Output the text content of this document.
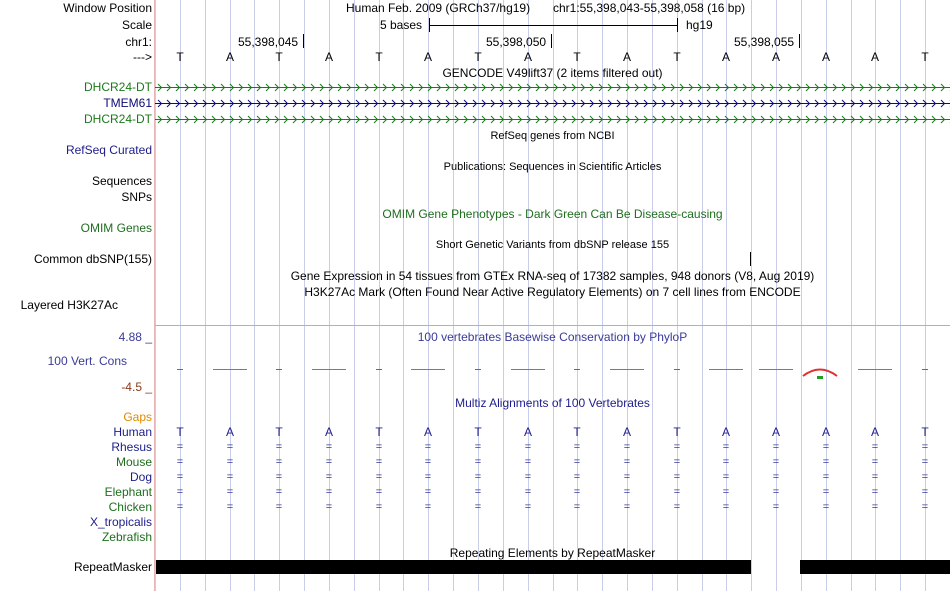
Window Position
Scale
chr1:
--->
DHCR24-DT
TMEM61
DHCR24-DT
RefSeq Curated
Sequences
SNPs
OMIM Genes
Common dbSNP(155)
Layered H3K27Ac
4.88 _
100 Vert. Cons
-4.5 _
Gaps
Human
Rhesus
Mouse
Dog
Elephant
Chicken
X_tropicalis
Zebrafish
RepeatMasker
Human Feb. 2009 (GRCh37/hg19) chr1:55,398,043-55,398,058 (16 bp)
5 bases	hg19
55,398,045	55,398,050	55,398,055
T	A	T	A	T	A	T	A	T	A	T	A	A	A	A	T
GENCODE V49lift37 (2 items filtered out)
RefSeq genes from NCBI
Publications: Sequences in Scientific Articles
OMIM Gene Phenotypes - Dark Green Can Be Disease-causing
Short Genetic Variants from dbSNP release 155
Gene Expression in 54 tissues from GTEx RNA-seq of 17382 samples, 948 donors (V8, Aug 2019)
H3K27Ac Mark (Often Found Near Active Regulatory Elements) on 7 cell lines from ENCODE
100 vertebrates Basewise Conservation by PhyloP
Multiz Alignments of 100 Vertebrates
T	A	T	A	T	A	T	A	T	A	T	A	A	A	A	T
=	=	=	=	=	=	=	=	=	=	=	=	=	=	=	=
=	=	=	=	=	=	=	=	=	=	=	=	=	=	=	=
=	=	=	=	=	=	=	=	=	=	=	=	=	=	=	=
=	=	=	=	=	=	=	=	=	=	=	=	=	=	=	=
=	=	=	=	=	=	=	=	=	=	=	=	=	=	=	=
Repeating Elements by RepeatMasker
